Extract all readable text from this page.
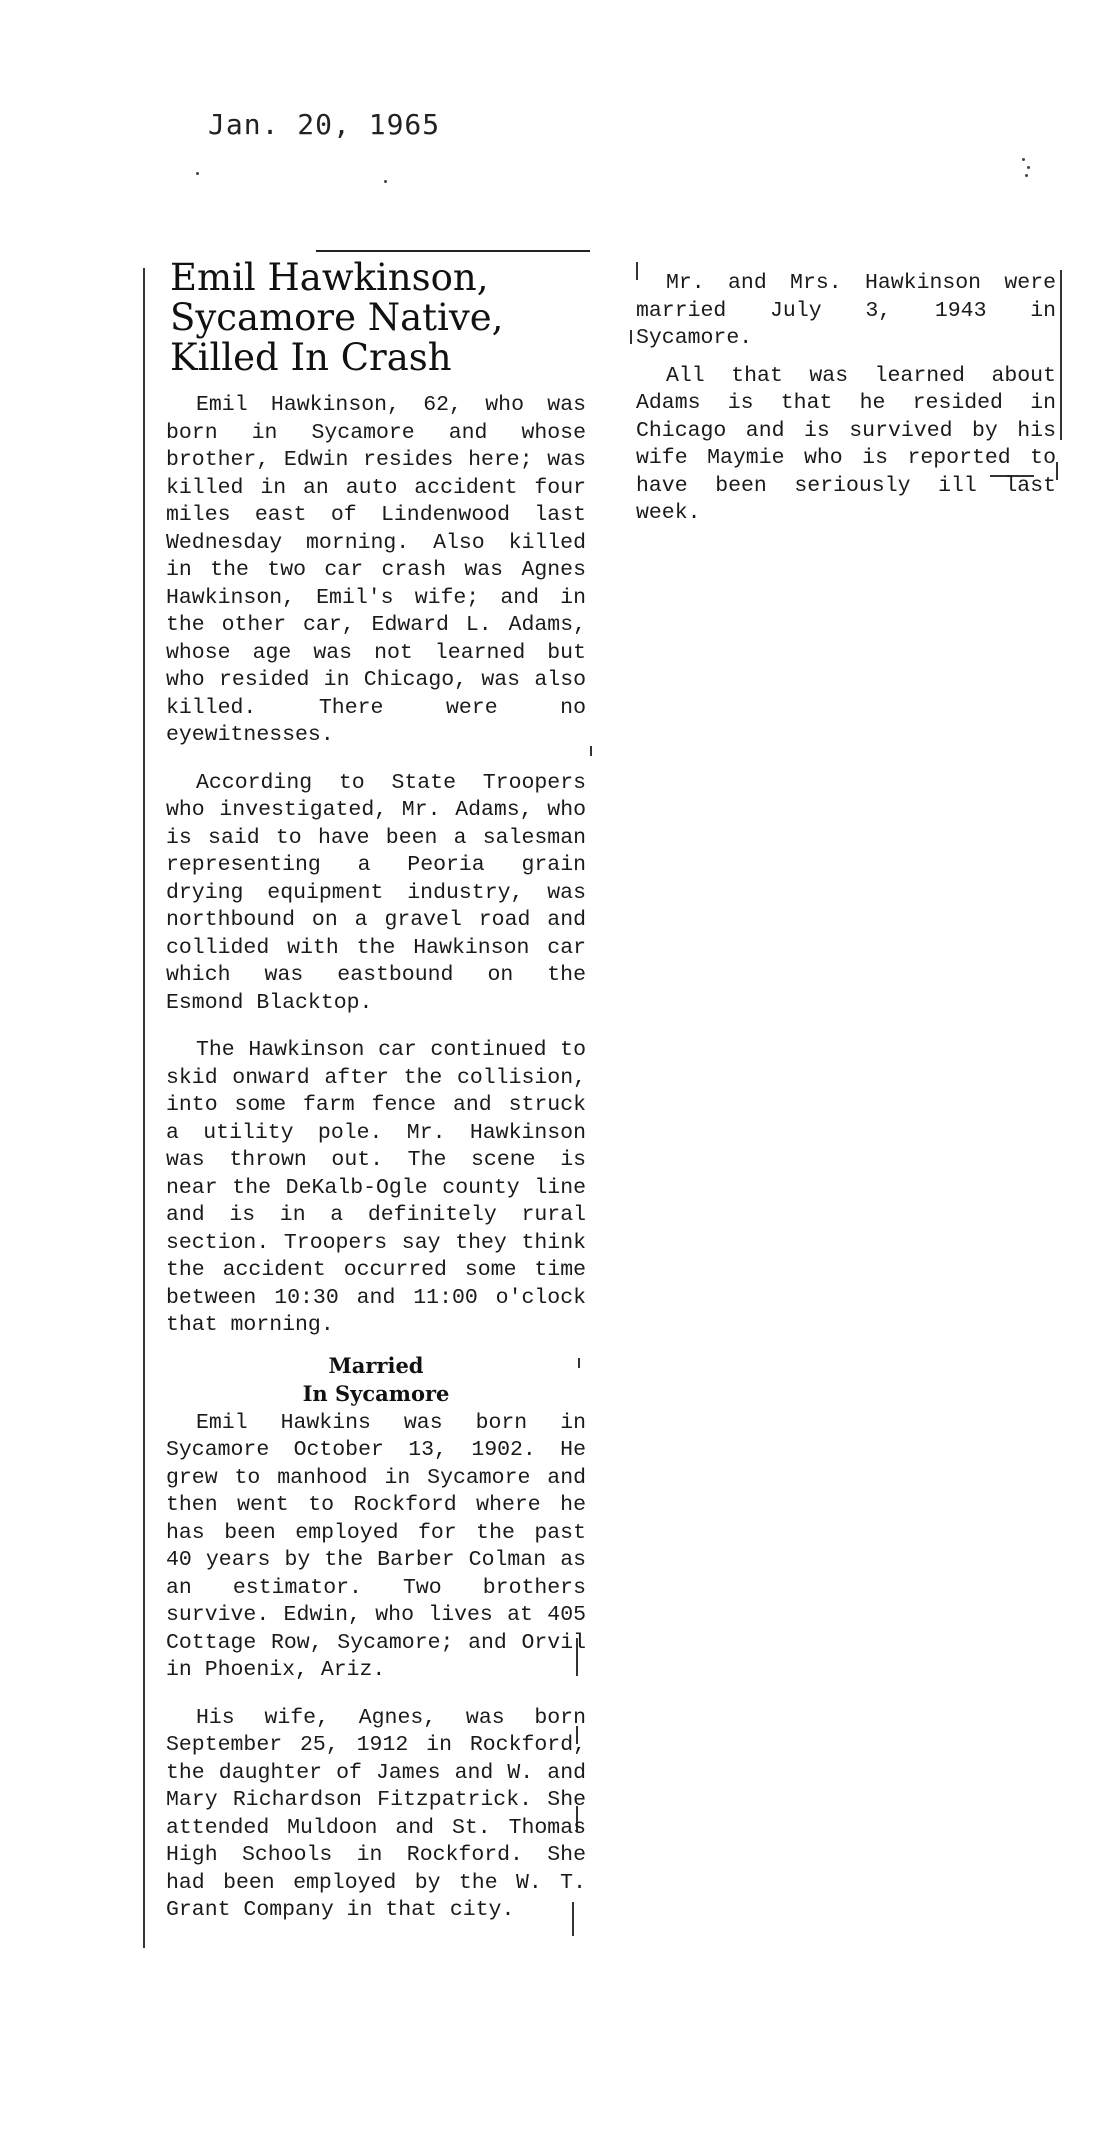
Jan. 20, 1965
Emil Hawkinson,
Sycamore Native,
Killed In Crash

Emil Hawkinson, 62, who was born in Sycamore and whose brother, Edwin resides here; was killed in an auto accident four miles east of Lindenwood last Wednesday morning. Also killed in the two car crash was Agnes Hawkinson, Emil's wife; and in the other car, Edward L. Adams, whose age was not learned but who resided in Chicago, was also killed. There were no eyewitnesses.

According to State Troopers who investigated, Mr. Adams, who is said to have been a salesman representing a Peoria grain drying equipment industry, was northbound on a gravel road and collided with the Hawkinson car which was eastbound on the Esmond Blacktop.

The Hawkinson car continued to skid onward after the collision, into some farm fence and struck a utility pole. Mr. Hawkinson was thrown out. The scene is near the DeKalb-Ogle county line and is in a definitely rural section. Troopers say they think the accident occurred some time between 10:30 and 11:00 o'clock that morning.

Married
In Sycamore

Emil Hawkins was born in Sycamore October 13, 1902. He grew to manhood in Sycamore and then went to Rockford where he has been employed for the past 40 years by the Barber Colman as an estimator. Two brothers survive. Edwin, who lives at 405 Cottage Row, Sycamore; and Orvil in Phoenix, Ariz.

His wife, Agnes, was born September 25, 1912 in Rockford, the daughter of James and W. and Mary Richardson Fitzpatrick. She attended Muldoon and St. Thomas High Schools in Rockford. She had been employed by the W. T. Grant Company in that city.

Mr. and Mrs. Hawkinson were married July 3, 1943 in Sycamore.

All that was learned about Adams is that he resided in Chicago and is survived by his wife Maymie who is reported to have been seriously ill last week.
